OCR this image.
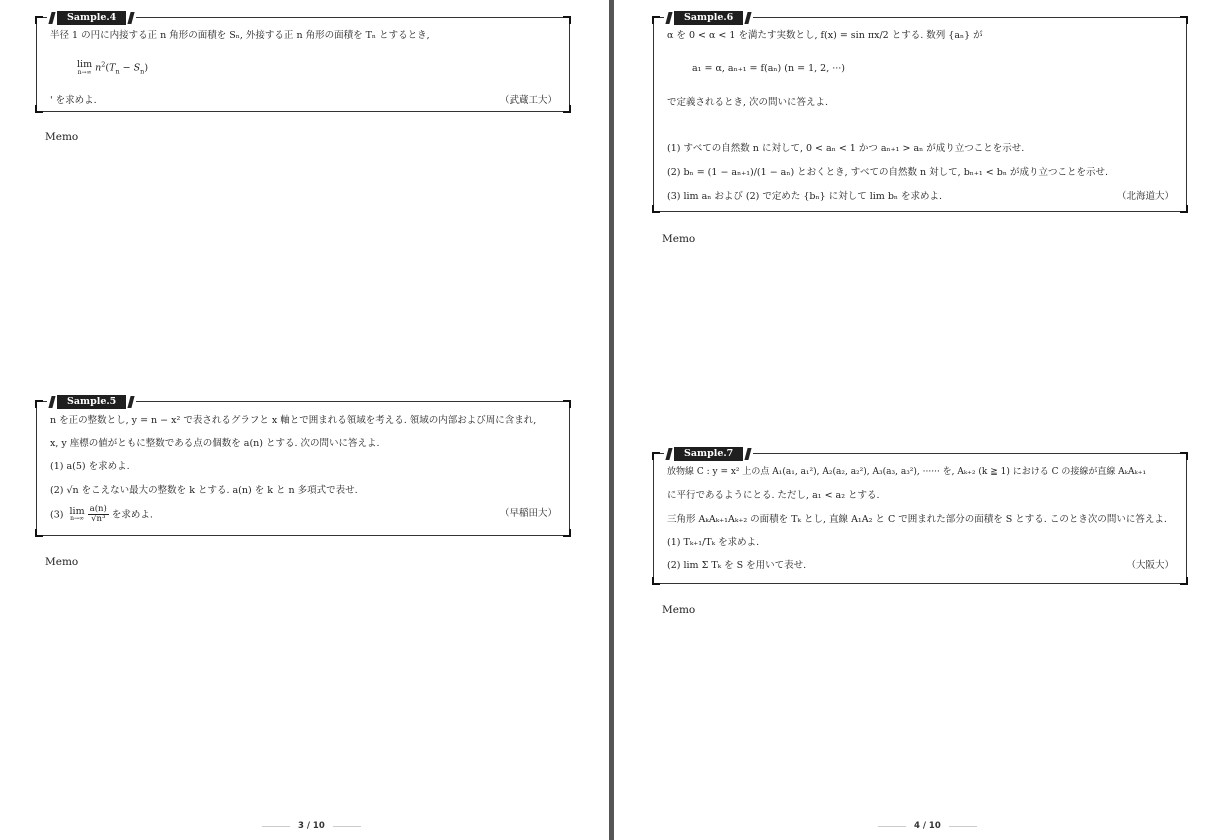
Sample.4
半径 1 の円に内接する正 n 角形の面積を Sₙ, 外接する正 n 角形の面積を Tₙ とするとき,
lim
n→∞ $n^2(T_n - S_n)$
' を求めよ.	（武蔵工大）
Memo
Sample.5
n を正の整数とし, y = n − x² で表されるグラフと x 軸とで囲まれる領域を考える. 領域の内部および周に含まれ,
x, y 座標の値がともに整数である点の個数を a(n) とする. 次の問いに答えよ.
(1) a(5) を求めよ.
(2) √n をこえない最大の整数を k とする. a(n) を k と n 多項式で表せ.
(3)  lim
n→∞
$\frac{a(n)}{\text{√n³}}$ を求めよ.	（早稲田大）
Memo
3 / 10
Sample.6
α を 0 < α < 1 を満たす実数とし, f(x) = sin πx/2 とする. 数列 {aₙ} が
a₁ = α, aₙ₊₁ = f(aₙ) (n = 1, 2, ···)
で定義されるとき, 次の問いに答えよ.
(1) すべての自然数 n に対して, 0 < aₙ < 1 かつ aₙ₊₁ > aₙ が成り立つことを示せ.
(2) bₙ = (1 − aₙ₊₁)/(1 − aₙ) とおくとき, すべての自然数 n 対して, bₙ₊₁ < bₙ が成り立つことを示せ.
(3) lim aₙ および (2) で定めた {bₙ} に対して lim bₙ を求めよ.	（北海道大）
Memo
Sample.7
放物線 C : y = x² 上の点 A₁(a₁, a₁²), A₂(a₂, a₂²), A₃(a₃, a₃²), ······ を, Aₖ₊₂ (k ≧ 1) における C の接線が直線 AₖAₖ₊₁
に平行であるようにとる. ただし, a₁ < a₂ とする.
三角形 AₖAₖ₊₁Aₖ₊₂ の面積を Tₖ とし, 直線 A₁A₂ と C で囲まれた部分の面積を S とする. このとき次の問いに答えよ.
(1) Tₖ₊₁/Tₖ を求めよ.
(2) lim Σ Tₖ を S を用いて表せ.	（大阪大）
Memo
4 / 10
